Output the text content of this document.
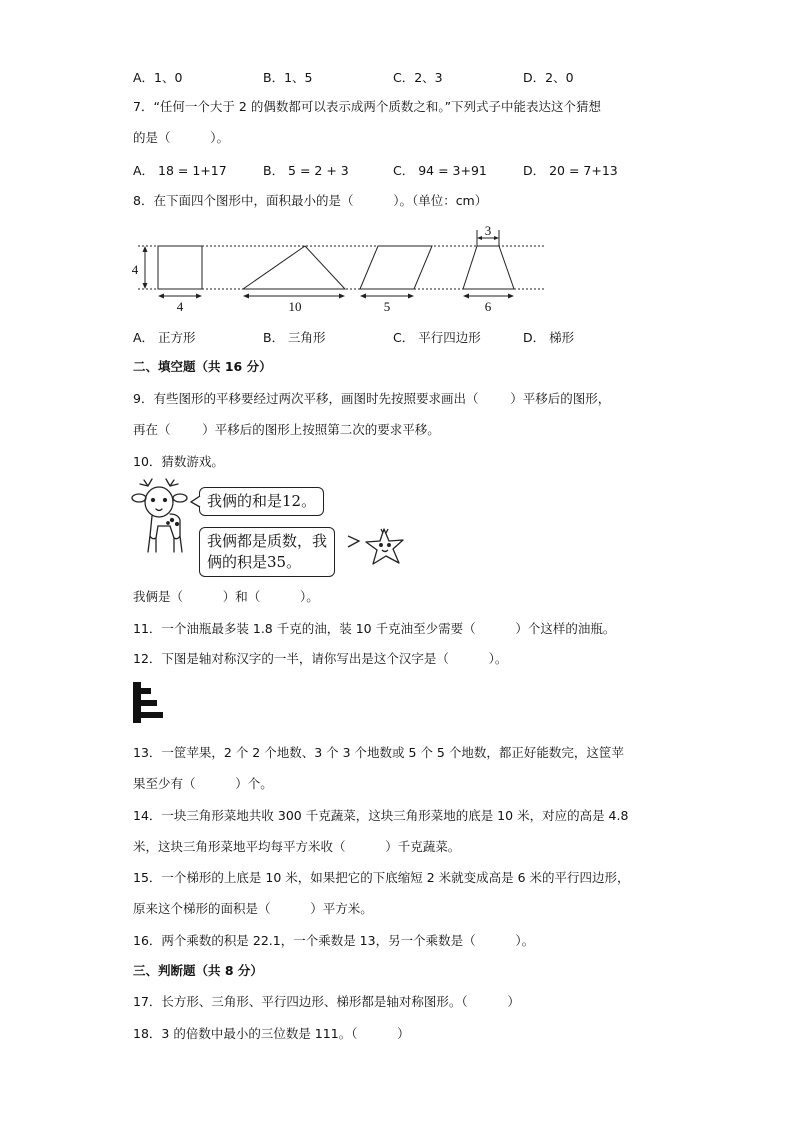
A．1、0	B．1、5	C．2、3	D．2、0
7．“任何一个大于 2 的偶数都可以表示成两个质数之和。”下列式子中能表达这个猜想
的是（          ）。
A． 18 = 1+17	B． 5 = 2 + 3	C． 94 = 3+91	D． 20 = 7+13
8．在下面四个图形中，面积最小的是（          ）。（单位：cm）
4
4	10	5
3
6
A． 正方形	B． 三角形	C． 平行四边形	D． 梯形
二、填空题（共 16 分）
9．有些图形的平移要经过两次平移，画图时先按照要求画出（        ）平移后的图形，
再在（        ）平移后的图形上按照第二次的要求平移。
10．猜数游戏。
我俩的和是12。
我俩都是质数，我
俩的积是35。
我俩是（          ）和（          ）。
11．一个油瓶最多装 1.8 千克的油，装 10 千克油至少需要（          ）个这样的油瓶。
12．下图是轴对称汉字的一半，请你写出是这个汉字是（          ）。
13．一筐苹果，2 个 2 个地数、3 个 3 个地数或 5 个 5 个地数，都正好能数完，这筐苹
果至少有（          ）个。
14．一块三角形菜地共收 300 千克蔬菜，这块三角形菜地的底是 10 米，对应的高是 4.8
米，这块三角形菜地平均每平方米收（          ）千克蔬菜。
15．一个梯形的上底是 10 米，如果把它的下底缩短 2 米就变成高是 6 米的平行四边形，
原来这个梯形的面积是（          ）平方米。
16．两个乘数的积是 22.1，一个乘数是 13，另一个乘数是（          ）。
三、判断题（共 8 分）
17．长方形、三角形、平行四边形、梯形都是轴对称图形。（          ）
18．3 的倍数中最小的三位数是 111。（          ）
